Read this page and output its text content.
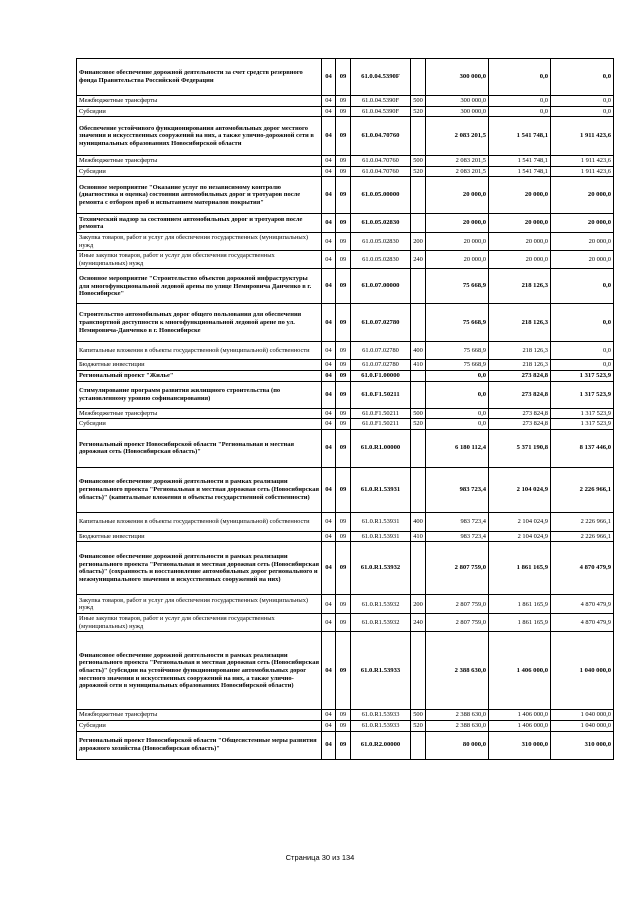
Финансовое обеспечение дорожной деятельности за счет средств резервного фонда Правительства Российской Федерации	04	09	61.0.04.5390F		300 000,0	0,0	0,0
Межбюджетные трансферты	04	09	61.0.04.5390F	500	300 000,0	0,0	0,0
Субсидии	04	09	61.0.04.5390F	520	300 000,0	0,0	0,0
Обеспечение устойчивого функционирования автомобильных дорог местного значения и искусственных сооружений на них, а также улично-дорожной сети в муниципальных образованиях Новосибирской области	04	09	61.0.04.70760		2 083 201,5	1 541 748,1	1 911 423,6
Межбюджетные трансферты	04	09	61.0.04.70760	500	2 083 201,5	1 541 748,1	1 911 423,6
Субсидии	04	09	61.0.04.70760	520	2 083 201,5	1 541 748,1	1 911 423,6
Основное мероприятие "Оказание услуг по независимому контролю (диагностика и оценка) состояния автомобильных дорог и тротуаров после ремонта с отбором проб и испытанием материалов покрытия"	04	09	61.0.05.00000		20 000,0	20 000,0	20 000,0
Технический надзор за состоянием автомобильных дорог и тротуаров после ремонта	04	09	61.0.05.02830		20 000,0	20 000,0	20 000,0
Закупка товаров, работ и услуг для обеспечения государственных (муниципальных) нужд	04	09	61.0.05.02830	200	20 000,0	20 000,0	20 000,0
Иные закупки товаров, работ и услуг для обеспечения государственных (муниципальных) нужд	04	09	61.0.05.02830	240	20 000,0	20 000,0	20 000,0
Основное мероприятие "Строительство объектов дорожной инфраструктуры для многофункциональной ледовой арены по улице Немировича Данченко в г. Новосибирске"	04	09	61.0.07.00000		75 668,9	218 126,3	0,0
Строительство автомобильных дорог общего пользования для обеспечения транспортной доступности к многофункциональной ледовой арене по ул. Немировича-Данченко в г. Новосибирске	04	09	61.0.07.02780		75 668,9	218 126,3	0,0
Капитальные вложения в объекты государственной (муниципальной) собственности	04	09	61.0.07.02780	400	75 668,9	218 126,3	0,0
Бюджетные инвестиции	04	09	61.0.07.02780	410	75 668,9	218 126,3	0,0
Региональный проект "Жилье"	04	09	61.0.F1.00000		0,0	273 824,8	1 317 523,9
Стимулирование программ развития жилищного строительства (по установленному уровню софинансирования)	04	09	61.0.F1.50211		0,0	273 824,8	1 317 523,9
Межбюджетные трансферты	04	09	61.0.F1.50211	500	0,0	273 824,8	1 317 523,9
Субсидии	04	09	61.0.F1.50211	520	0,0	273 824,8	1 317 523,9
Региональный проект Новосибирской области "Региональная и местная дорожная сеть (Новосибирская область)"	04	09	61.0.R1.00000		6 180 112,4	5 371 190,8	8 137 446,0
Финансовое обеспечение дорожной деятельности в рамках реализации регионального проекта "Региональная и местная дорожная сеть (Новосибирская область)" (капитальные вложения в объекты государственной собственности)	04	09	61.0.R1.53931		983 723,4	2 104 024,9	2 226 966,1
Капитальные вложения в объекты государственной (муниципальной) собственности	04	09	61.0.R1.53931	400	983 723,4	2 104 024,9	2 226 966,1
Бюджетные инвестиции	04	09	61.0.R1.53931	410	983 723,4	2 104 024,9	2 226 966,1
Финансовое обеспечение дорожной деятельности в рамках реализации регионального проекта "Региональная и местная дорожная сеть (Новосибирская область)" (сохранность и восстановление автомобильных дорог регионального и межмуниципального значения и искусственных сооружений на них)	04	09	61.0.R1.53932		2 807 759,0	1 861 165,9	4 870 479,9
Закупка товаров, работ и услуг для обеспечения государственных (муниципальных) нужд	04	09	61.0.R1.53932	200	2 807 759,0	1 861 165,9	4 870 479,9
Иные закупки товаров, работ и услуг для обеспечения государственных (муниципальных) нужд	04	09	61.0.R1.53932	240	2 807 759,0	1 861 165,9	4 870 479,9
Финансовое обеспечение дорожной деятельности в рамках реализации регионального проекта "Региональная и местная дорожная сеть (Новосибирская область)" (субсидии на устойчивое функционирование автомобильных дорог местного значения и искусственных сооружений на них, а также улично-дорожной сети в муниципальных образованиях Новосибирской области)	04	09	61.0.R1.53933		2 388 630,0	1 406 000,0	1 040 000,0
Межбюджетные трансферты	04	09	61.0.R1.53933	500	2 388 630,0	1 406 000,0	1 040 000,0
Субсидии	04	09	61.0.R1.53933	520	2 388 630,0	1 406 000,0	1 040 000,0
Региональный проект Новосибирской области "Общесистемные меры развития дорожного хозяйства (Новосибирская область)"	04	09	61.0.R2.00000		80 000,0	310 000,0	310 000,0
Страница 30 из 134
